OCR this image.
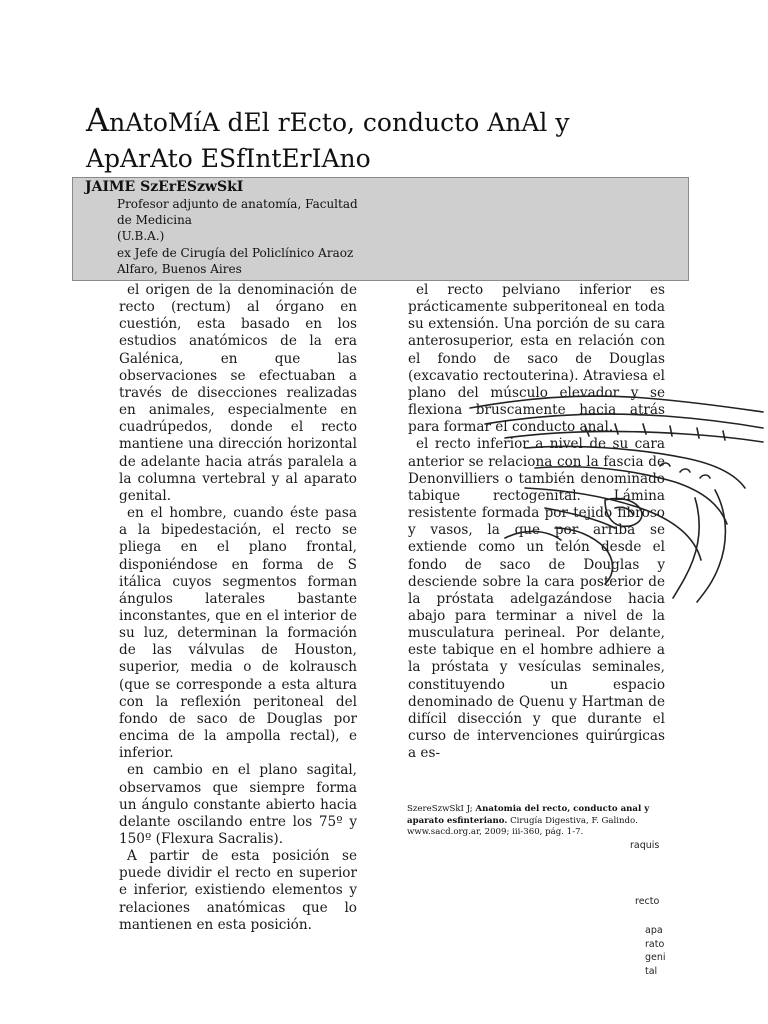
AnAtoMíA dEl rEcto, conducto AnAl y
ApArAto ESfIntErIAno
JAIME SzErESzwSkI
Profesor adjunto de anatomía, Facultad
de Medicina
(U.B.A.)
ex Jefe de Cirugía del Policlínico Araoz
Alfaro, Buenos Aires

el origen de la denominación de recto (rectum) al órgano en cuestión, esta basado en los estudios anatómicos de la era Galénica, en que las observaciones se efectuaban a través de disecciones realizadas en animales, especialmente en cuadrúpedos, donde el recto mantiene una dirección horizontal de adelante hacia atrás paralela a la columna vertebral y al aparato genital.

en el hombre, cuando éste pasa a la bipedestación, el recto se pliega en el plano frontal, disponiéndose en forma de S itálica cuyos segmentos forman ángulos laterales bastante inconstantes, que en el interior de su luz, determinan la formación de las válvulas de Houston, superior, media o de kolrausch (que se corresponde a esta altura con la reflexión peritoneal del fondo de saco de Douglas por encima de la ampolla rectal), e inferior.

en cambio en el plano sagital, observamos que siempre forma un ángulo constante abierto hacia delante oscilando entre los 75º y 150º (Flexura Sacralis).

A partir de esta posición se puede dividir el recto en superior e inferior, existiendo elementos y relaciones anatómicas que lo mantienen en esta posición.

el recto pelviano inferior es prácticamente subperitoneal en toda su extensión. Una porción de su cara anterosuperior, esta en relación con el fondo de saco de Douglas (excavatio rectouterina). Atraviesa el plano del músculo elevador y se flexiona bruscamente hacia atrás para formar el conducto anal.

el recto inferior a nivel de su cara anterior se relaciona con la fascia de Denonvilliers o también denominado tabique rectogenital. Lámina resistente formada por tejido fibroso y vasos, la que por arriba se extiende como un telón desde el fondo de saco de Douglas y desciende sobre la cara posterior de la próstata adelgazándose hacia abajo para terminar a nivel de la musculatura perineal. Por delante, este tabique en el hombre adhiere a la próstata y vesículas seminales, constituyendo un espacio denominado de Quenu y Hartman de difícil disección y que durante el curso de intervenciones quirúrgicas a es-

SzereSzwSkI J; Anatomia del recto, conducto anal y aparato esfinteriano. Cirugía Digestiva, F. Galindo. www.sacd.org.ar, 2009; iii-360, pág. 1-7.
raquis
recto
apa
rato
geni
tal
